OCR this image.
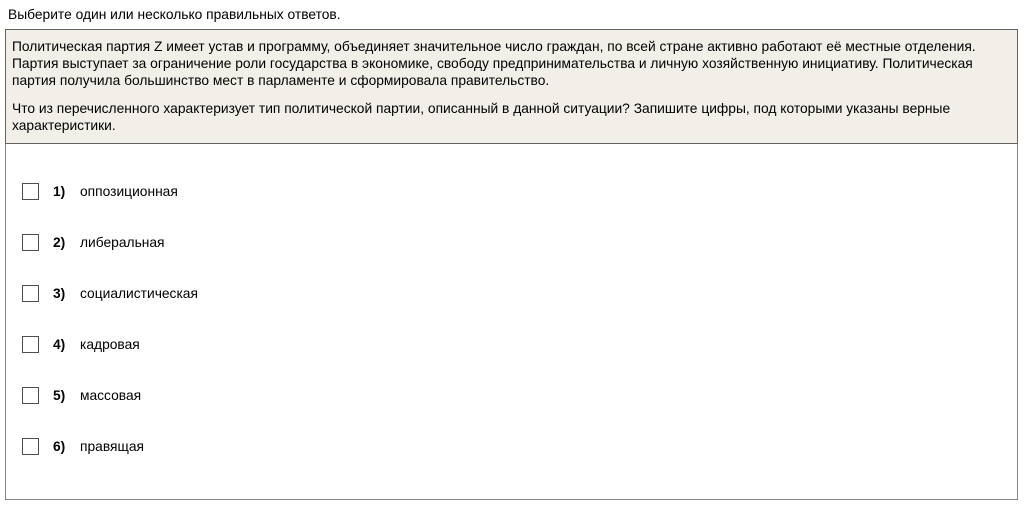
Выберите один или несколько правильных ответов.

Политическая партия Z имеет устав и программу, объединяет значительное число граждан, по всей стране активно работают её местные отделения. Партия выступает за ограничение роли государства в экономике, свободу предпринимательства и личную хозяйственную инициативу. Политическая партия получила большинство мест в парламенте и сформировала правительство.

Что из перечисленного характеризует тип политической партии, описанный в данной ситуации? Запишите цифры, под которыми указаны верные характеристики.

1) оппозиционная
2) либеральная
3) социалистическая
4) кадровая
5) массовая
6) правящая
